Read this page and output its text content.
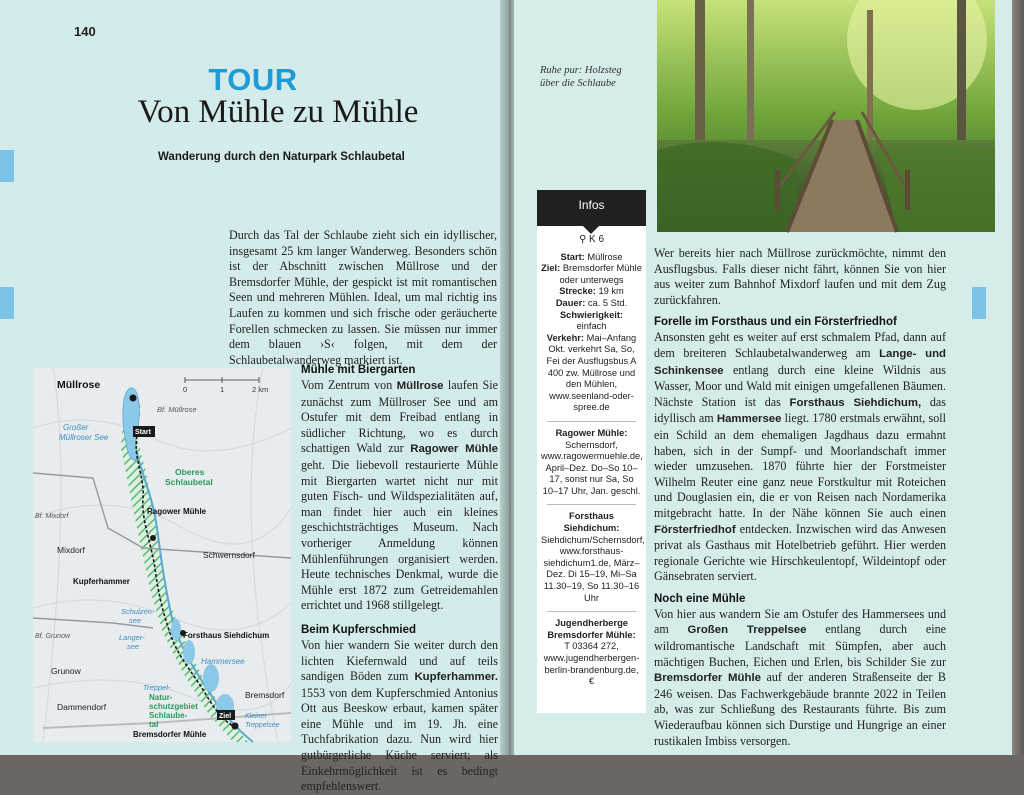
140
TOUR
Von Mühle zu Mühle
Wanderung durch den Naturpark Schlaubetal

Durch das Tal der Schlaube zieht sich ein idyllischer, insgesamt 25 km langer Wanderweg. Besonders schön ist der Abschnitt zwischen Müllrose und der Bremsdorfer Mühle, der gespickt ist mit romantischen Seen und mehreren Mühlen. Ideal, um mal richtig ins Laufen zu kommen und sich frische oder geräucherte Forellen schmecken zu lassen. Sie müssen nur immer dem blauen ›S‹ folgen, mit dem der Schlaubetalwanderweg markiert ist.

Müllrose	0	1	2 km
Bf. Müllrose
Großer
Müllroser See
Start
Oberes
Schlaubetal
Ragower Mühle
Bf. Mixdorf
Mixdorf	Schwernsdorf
Kupferhammer
Schulzen-
see
Langer-
see
Forsthaus Siehdichum
Bf. Grunow
Hammersee
Grunow
Treppel-
Natur-
schutzgebiet
Schlaube-
tal
Dammendorf
Bremsdorf
Ziel Kleiner
Treppelsee
Bremsdorfer Mühle
Mühle mit Biergarten

Vom Zentrum von Müllrose laufen Sie zunächst zum Müllroser See und am Ostufer mit dem Freibad entlang in südlicher Richtung, wo es durch schattigen Wald zur Ragower Mühle geht. Die liebevoll restaurierte Mühle mit Biergarten wartet nicht nur mit guten Fisch- und Wildspezialitäten auf, man findet hier auch ein kleines geschichtsträchtiges Museum. Nach vorheriger Anmeldung können Mühlenführungen organisiert werden. Heute technisches Denkmal, wurde die Mühle erst 1872 zum Getreidemahlen errichtet und 1968 stillgelegt.

Beim Kupferschmied

Von hier wandern Sie weiter durch den lichten Kiefernwald und auf teils sandigen Böden zum Kupferhammer. 1553 von dem Kupferschmied Antonius Ott aus Beeskow erbaut, kamen später eine Mühle und im 19. Jh. eine Tuchfabrikation dazu. Nun wird hier gutbürgerliche Küche serviert; als Einkehrmöglichkeit ist es bedingt empfehlenswert.

Ruhe pur: Holzsteg über die Schlaube
Infos
⚲ K 6
Start: Müllrose
Ziel: Bremsdorfer Mühle oder unterwegs
Strecke: 19 km
Dauer: ca. 5 Std.
Schwierigkeit:
einfach
Verkehr: Mai–Anfang Okt. verkehrt Sa, So, Fei der Ausflugsbus A 400 zw. Müllrose und den Mühlen, www.seenland-oder-spree.de
Ragower Mühle:
Schernsdorf, www.ragowermuehle.de, April–Dez. Do–So 10–17, sonst nur Sa, So 10–17 Uhr, Jan. geschl.
Forsthaus Siehdichum: Siehdichum/Schernsdorf, www.forsthaus-siehdichum1.de, März–Dez. Di 15–19, Mi–Sa 11.30–19, So 11.30–16 Uhr
Jugendherberge Bremsdorfer Mühle:
T 03364 272, www.jugendherbergen-berlin-brandenburg.de, €

Wer bereits hier nach Müllrose zurückmöchte, nimmt den Ausflugsbus. Falls dieser nicht fährt, können Sie von hier aus weiter zum Bahnhof Mixdorf laufen und mit dem Zug zurückfahren.

Forelle im Forsthaus und ein Försterfriedhof

Ansonsten geht es weiter auf erst schmalem Pfad, dann auf dem breiteren Schlaubetalwanderweg am Lange- und Schinkensee entlang durch eine kleine Wildnis aus Wasser, Moor und Wald mit einigen umgefallenen Bäumen. Nächste Station ist das Forsthaus Siehdichum, das idyllisch am Hammersee liegt. 1780 erstmals erwähnt, soll ein Schild an dem ehemaligen Jagdhaus dazu ermahnt haben, sich in der Sumpf- und Moorlandschaft immer wieder umzusehen. 1870 führte hier der Forstmeister Wilhelm Reuter eine ganz neue Forstkultur mit Roteichen und Douglasien ein, die er von Reisen nach Nordamerika mitgebracht hatte. In der Nähe können Sie auch einen Försterfriedhof entdecken. Inzwischen wird das Anwesen privat als Gasthaus mit Hotelbetrieb geführt. Hier werden regionale Gerichte wie Hirschkeulentopf, Wildeintopf oder Gänsebraten serviert.

Noch eine Mühle

Von hier aus wandern Sie am Ostufer des Hammersees und am Großen Treppelsee entlang durch eine wildromantische Landschaft mit Sümpfen, aber auch mächtigen Buchen, Eichen und Erlen, bis Schilder Sie zur Bremsdorfer Mühle auf der anderen Straßenseite der B 246 weisen. Das Fachwerkgebäude brannte 2022 in Teilen ab, was zur Schließung des Restaurants führte. Bis zum Wiederaufbau können sich Durstige und Hungrige an einer rustikalen Imbiss versorgen.
